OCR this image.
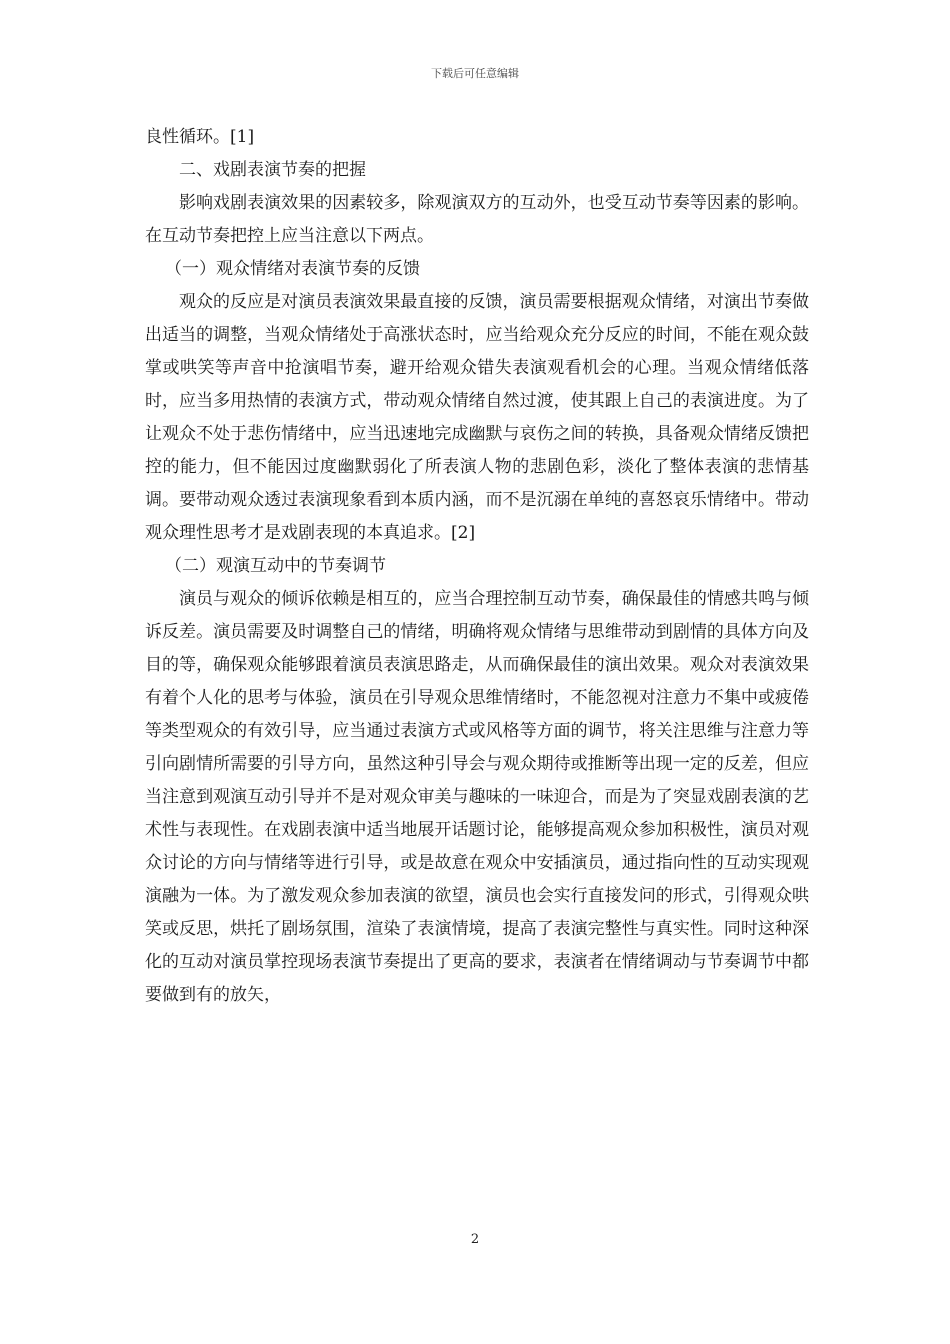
下载后可任意编辑

良性循环。[1]

二、戏剧表演节奏的把握

影响戏剧表演效果的因素较多，除观演双方的互动外，也受互动节奏等因素的影响。在互动节奏把控上应当注意以下两点。

（一）观众情绪对表演节奏的反馈

观众的反应是对演员表演效果最直接的反馈，演员需要根据观众情绪，对演出节奏做出适当的调整，当观众情绪处于高涨状态时，应当给观众充分反应的时间，不能在观众鼓掌或哄笑等声音中抢演唱节奏，避开给观众错失表演观看机会的心理。当观众情绪低落时，应当多用热情的表演方式，带动观众情绪自然过渡，使其跟上自己的表演进度。为了让观众不处于悲伤情绪中，应当迅速地完成幽默与哀伤之间的转换，具备观众情绪反馈把控的能力，但不能因过度幽默弱化了所表演人物的悲剧色彩，淡化了整体表演的悲情基调。要带动观众透过表演现象看到本质内涵，而不是沉溺在单纯的喜怒哀乐情绪中。带动观众理性思考才是戏剧表现的本真追求。[2]

（二）观演互动中的节奏调节

演员与观众的倾诉依赖是相互的，应当合理控制互动节奏，确保最佳的情感共鸣与倾诉反差。演员需要及时调整自己的情绪，明确将观众情绪与思维带动到剧情的具体方向及目的等，确保观众能够跟着演员表演思路走，从而确保最佳的演出效果。观众对表演效果有着个人化的思考与体验，演员在引导观众思维情绪时，不能忽视对注意力不集中或疲倦等类型观众的有效引导，应当通过表演方式或风格等方面的调节，将关注思维与注意力等引向剧情所需要的引导方向，虽然这种引导会与观众期待或推断等出现一定的反差，但应当注意到观演互动引导并不是对观众审美与趣味的一味迎合，而是为了突显戏剧表演的艺术性与表现性。在戏剧表演中适当地展开话题讨论，能够提高观众参加积极性，演员对观众讨论的方向与情绪等进行引导，或是故意在观众中安插演员，通过指向性的互动实现观演融为一体。为了激发观众参加表演的欲望，演员也会实行直接发问的形式，引得观众哄笑或反思，烘托了剧场氛围，渲染了表演情境，提高了表演完整性与真实性。同时这种深化的互动对演员掌控现场表演节奏提出了更高的要求，表演者在情绪调动与节奏调节中都要做到有的放矢，

2
